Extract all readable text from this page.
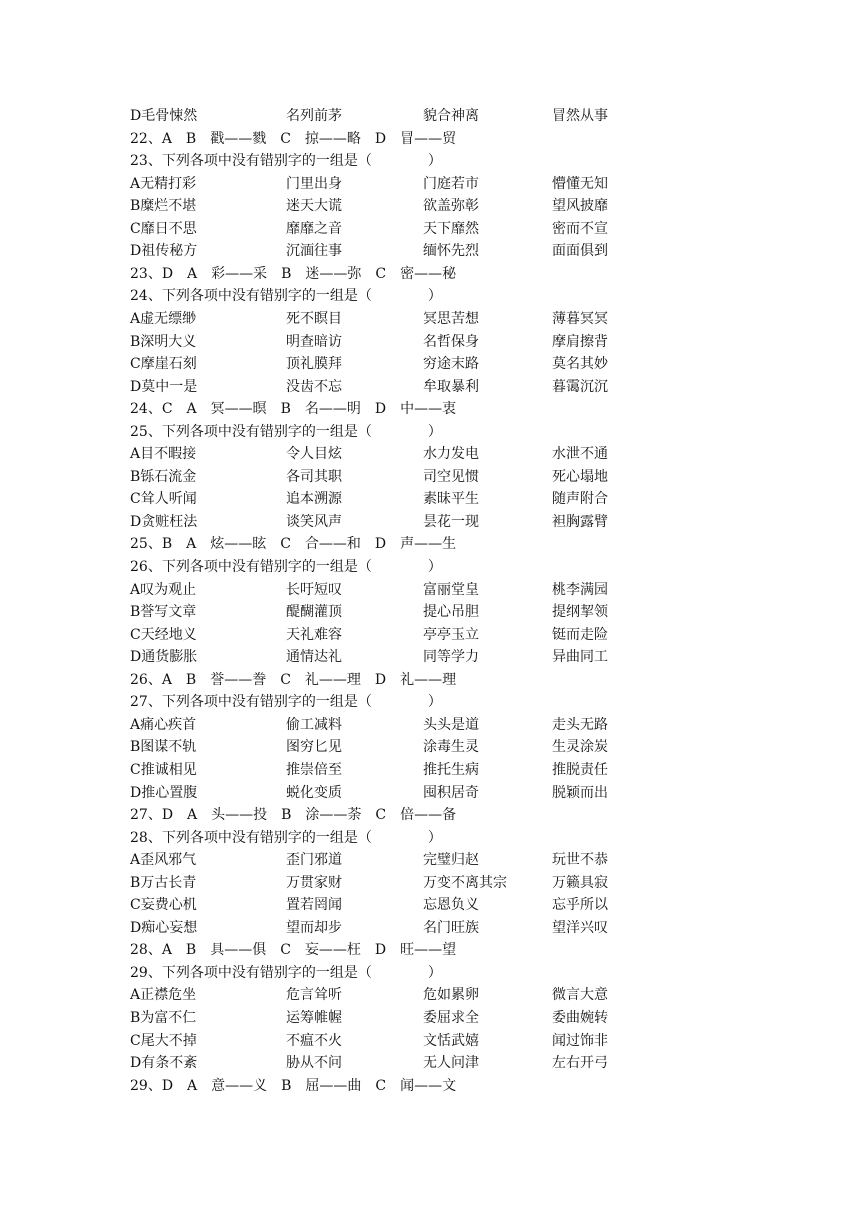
D毛骨悚然	名列前茅	貌合神离	冒然从事
22、A　B　戳——戮　C　掠——略　D　冒——贸
23、下列各项中没有错别字的一组是（　　　　）
A无精打彩	门里出身	门庭若市	懵懂无知
B糜烂不堪	迷天大谎	欲盖弥彰	望风披靡
C靡日不思	靡靡之音	天下靡然	密而不宣
D祖传秘方	沉湎往事	缅怀先烈	面面俱到
23、D　A　彩——采　B　迷——弥　C　密——秘
24、下列各项中没有错别字的一组是（　　　　）
A虚无缥缈	死不瞑目	冥思苦想	薄暮冥冥
B深明大义	明查暗访	名哲保身	摩肩擦背
C摩崖石刻	顶礼膜拜	穷途末路	莫名其妙
D莫中一是	没齿不忘	牟取暴利	暮霭沉沉
24、C　A　冥——暝　B　名——明　D　中——衷
25、下列各项中没有错别字的一组是（　　　　）
A目不暇接	令人目炫	水力发电	水泄不通
B铄石流金	各司其职	司空见惯	死心塌地
C耸人听闻	追本溯源	素昧平生	随声附合
D贪赃枉法	谈笑风声	昙花一现	袒胸露臂
25、B　A　炫——眩　C　合——和　D　声——生
26、下列各项中没有错别字的一组是（　　　　）
A叹为观止	长吁短叹	富丽堂皇	桃李满园
B誉写文章	醍醐灌顶	提心吊胆	提纲挈领
C天经地义	天礼难容	亭亭玉立	铤而走险
D通货膨胀	通情达礼	同等学力	异曲同工
26、A　B　誉——誊　C　礼——理　D　礼——理
27、下列各项中没有错别字的一组是（　　　　）
A痛心疾首	偷工减料	头头是道	走头无路
B图谋不轨	图穷匕见	涂毒生灵	生灵涂炭
C推诚相见	推崇倍至	推托生病	推脱责任
D推心置腹	蜕化变质	囤积居奇	脱颖而出
27、D　A　头——投　B　涂——荼　C　倍——备
28、下列各项中没有错别字的一组是（　　　　）
A歪风邪气	歪门邪道	完璧归赵	玩世不恭
B万古长青	万贯家财	万变不离其宗	万籁具寂
C妄费心机	置若罔闻	忘恩负义	忘乎所以
D痴心妄想	望而却步	名门旺族	望洋兴叹
28、A　B　具——俱　C　妄——枉　D　旺——望
29、下列各项中没有错别字的一组是（　　　　）
A正襟危坐	危言耸听	危如累卵	微言大意
B为富不仁	运筹帷幄	委屈求全	委曲婉转
C尾大不掉	不瘟不火	文恬武嬉	闻过饰非
D有条不紊	胁从不问	无人问津	左右开弓
29、D　A　意——义　B　屈——曲　C　闻——文
